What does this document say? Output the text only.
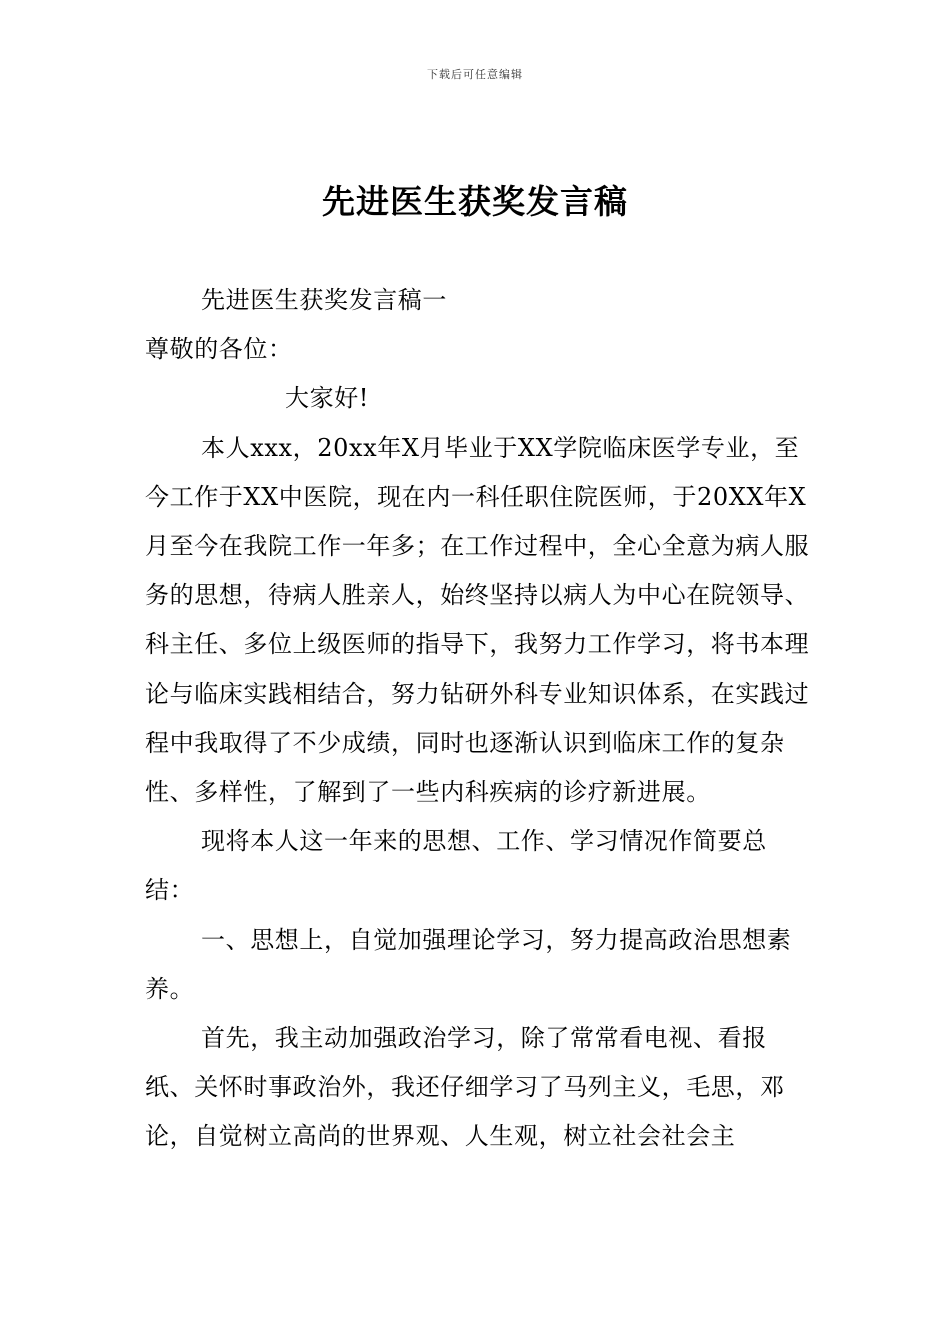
下载后可任意编辑
先进医生获奖发言稿

先进医生获奖发言稿一

尊敬的各位：

大家好!

本人xxx，20xx年X月毕业于XX学院临床医学专业，至今工作于XX中医院，现在内一科任职住院医师，于20XX年X月至今在我院工作一年多；在工作过程中，全心全意为病人服务的思想，待病人胜亲人，始终坚持以病人为中心在院领导、科主任、多位上级医师的指导下，我努力工作学习，将书本理论与临床实践相结合，努力钻研外科专业知识体系，在实践过程中我取得了不少成绩，同时也逐渐认识到临床工作的复杂性、多样性，了解到了一些内科疾病的诊疗新进展。

现将本人这一年来的思想、工作、学习情况作简要总结：

一、思想上，自觉加强理论学习，努力提高政治思想素养。

首先，我主动加强政治学习，除了常常看电视、看报纸、关怀时事政治外，我还仔细学习了马列主义，毛思，邓论，自觉树立高尚的世界观、人生观，树立社会社会主
